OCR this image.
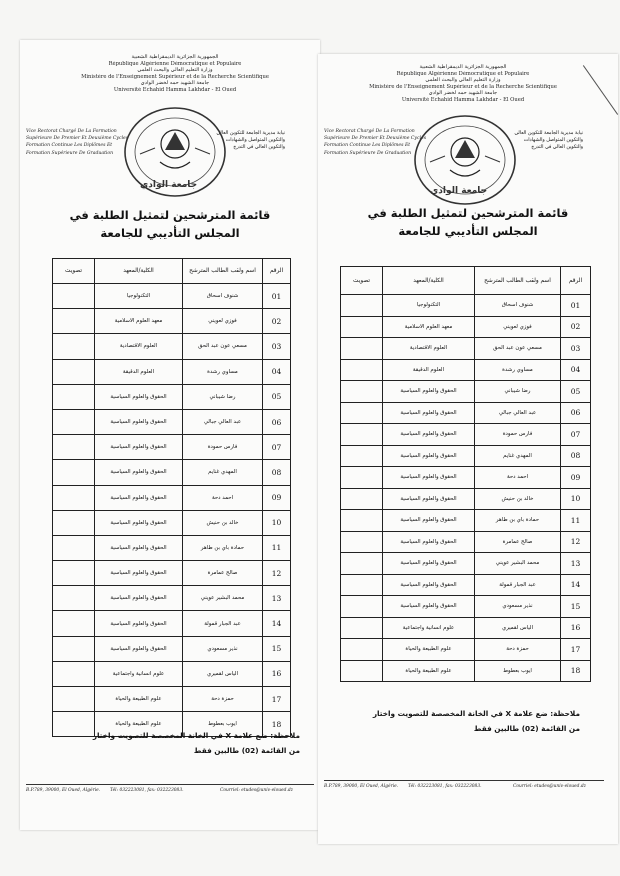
الجمهورية الجزائرية الديمقراطية الشعبية
République Algérienne Démocratique et Populaire
وزارة التعليم العالي والبحث العلمي
Ministère de l'Enseignement Supérieur et de la Recherche Scientifique
جامعة الشهيد حمه لخضر الوادي
Université Echahid Hamma Lakhdar - El Oued
Vice Rectorat Chargé De La Formation
Supérieure De Premier Et Deuxième Cycles
Formation Continue Les Diplômes Et
Formation Supérieure De Graduation
نيابة مديرية الجامعة للتكوين العالي
والتكوين المتواصل والشهادات
والتكوين العالي في التدرج
جامعة الوادي
قائمة المترشحين لتمثيل الطلبة في
المجلس التأديبي للجامعة
الرقم	اسم ولقب الطالب المترشح	الكلية/المعهد	تصويت
01	شنوف اسحاق	التكنولوجيا	
02	فوزي لعويني	معهد العلوم الاسلامية	
03	مسعي عون عبد الحق	العلوم الاقتصادية	
04	مساوي رشدة	العلوم الدقيقة	
05	رضا شيباني	الحقوق والعلوم السياسية	
06	عبد العالي جبالي	الحقوق والعلوم السياسية	
07	فارس حمودة	الحقوق والعلوم السياسية	
08	المهدي غنايم	الحقوق والعلوم السياسية	
09	احمد دحة	الحقوق والعلوم السياسية	
10	خالد بن حنيش	الحقوق والعلوم السياسية	
11	حمادة باي بن طاهر	الحقوق والعلوم السياسية	
12	صالح عمامرة	الحقوق والعلوم السياسية	
13	محمد البشير عويني	الحقوق والعلوم السياسية	
14	عبد الجبار قمولة	الحقوق والعلوم السياسية	
15	نذير مسعودي	الحقوق والعلوم السياسية	
16	الياس لقميري	علوم انسانية واجتماعية	
17	حمزة دحة	علوم الطبيعة والحياة	
18	ايوب بعطوط	علوم الطبيعة والحياة	
ملاحظة: ضع علامة X في الخانة المخصصة للتصويت واختار
من القائمة (02) طالبين فقط
B.P.789, 39000, El Oued, Algérie. Tél: 032223081, fax: 032223083.	Courriel: etudes@univ-eloued.dz
الجمهورية الجزائرية الديمقراطية الشعبية
République Algérienne Démocratique et Populaire
وزارة التعليم العالي والبحث العلمي
Ministère de l'Enseignement Supérieur et de la Recherche Scientifique
جامعة الشهيد حمه لخضر الوادي
Université Echahid Hamma Lakhdar - El Oued
Vice Rectorat Chargé De La Formation
Supérieure De Premier Et Deuxième Cycles
Formation Continue Les Diplômes Et
Formation Supérieure De Graduation
نيابة مديرية الجامعة للتكوين العالي
والتكوين المتواصل والشهادات
والتكوين العالي في التدرج
جامعة الوادي
قائمة المترشحين لتمثيل الطلبة في
المجلس التأديبي للجامعة
الرقم	اسم ولقب الطالب المترشح	الكلية/المعهد	تصويت
01	شنوف اسحاق	التكنولوجيا	
02	فوزي لعويني	معهد العلوم الاسلامية	
03	مسعي عون عبد الحق	العلوم الاقتصادية	
04	مساوي رشدة	العلوم الدقيقة	
05	رضا شيباني	الحقوق والعلوم السياسية	
06	عبد العالي جبالي	الحقوق والعلوم السياسية	
07	فارس حمودة	الحقوق والعلوم السياسية	
08	المهدي غنايم	الحقوق والعلوم السياسية	
09	احمد دحة	الحقوق والعلوم السياسية	
10	خالد بن حنيش	الحقوق والعلوم السياسية	
11	حمادة باي بن طاهر	الحقوق والعلوم السياسية	
12	صالح عمامرة	الحقوق والعلوم السياسية	
13	محمد البشير عويني	الحقوق والعلوم السياسية	
14	عبد الجبار قمولة	الحقوق والعلوم السياسية	
15	نذير مسعودي	الحقوق والعلوم السياسية	
16	الياس لقميري	علوم انسانية واجتماعية	
17	حمزة دحة	علوم الطبيعة والحياة	
18	ايوب بعطوط	علوم الطبيعة والحياة	
ملاحظة: ضع علامة X في الخانة المخصصة للتصويت واختار
من القائمة (02) طالبين فقط
B.P.789, 39000, El Oued, Algérie. Tél: 032223081, fax: 032223083.	Courriel: etudes@univ-eloued.dz
